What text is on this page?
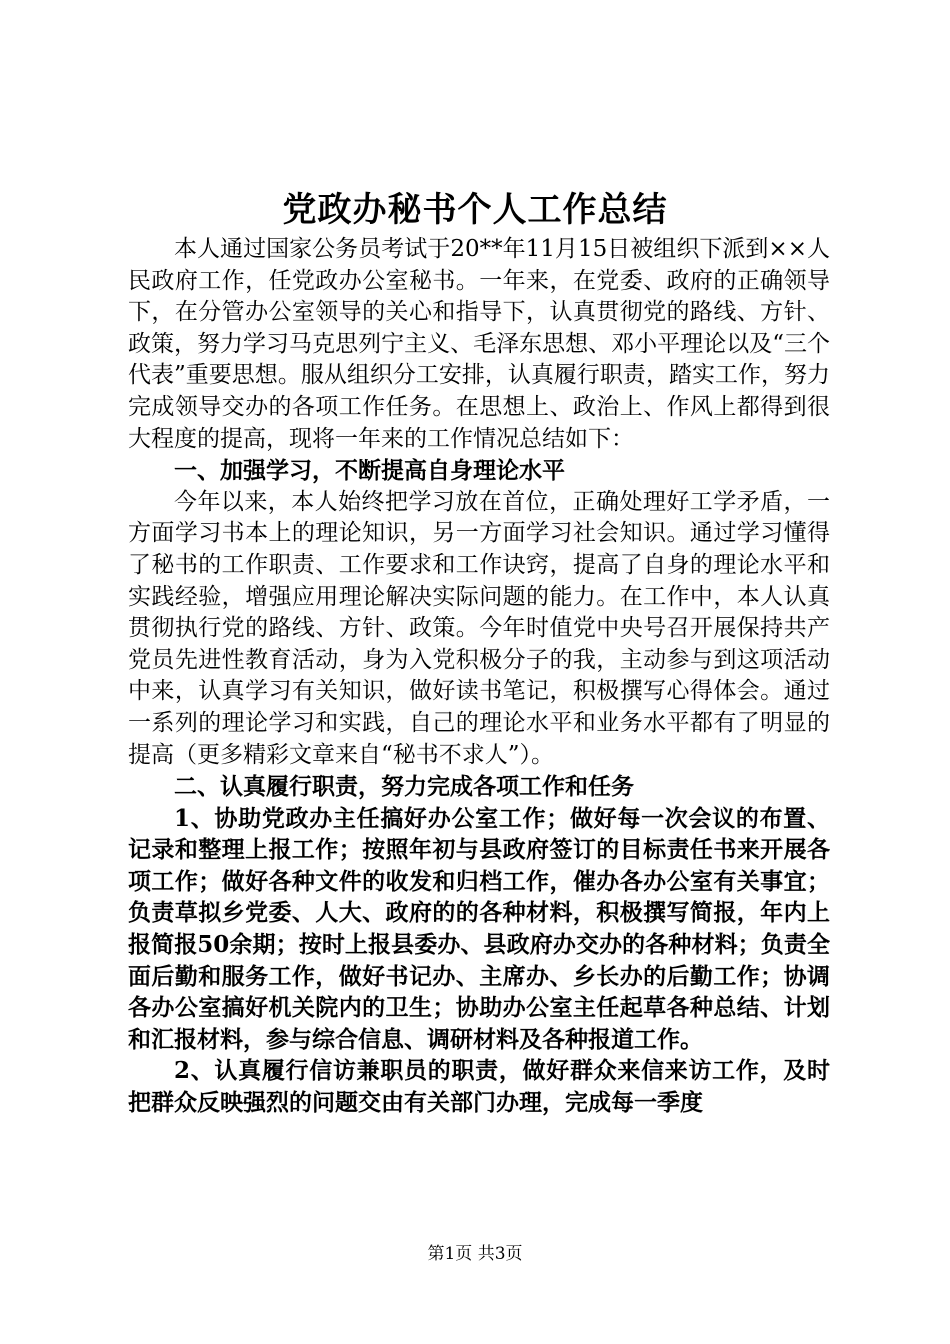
党政办秘书个人工作总结

本人通过国家公务员考试于20**年11月15日被组织下派到××人民政府工作，任党政办公室秘书。一年来，在党委、政府的正确领导下，在分管办公室领导的关心和指导下，认真贯彻党的路线、方针、政策，努力学习马克思列宁主义、毛泽东思想、邓小平理论以及“三个代表”重要思想。服从组织分工安排，认真履行职责，踏实工作，努力完成领导交办的各项工作任务。在思想上、政治上、作风上都得到很大程度的提高，现将一年来的工作情况总结如下：

一、加强学习，不断提高自身理论水平

今年以来，本人始终把学习放在首位，正确处理好工学矛盾，一方面学习书本上的理论知识，另一方面学习社会知识。通过学习懂得了秘书的工作职责、工作要求和工作诀窍，提高了自身的理论水平和实践经验，增强应用理论解决实际问题的能力。在工作中，本人认真贯彻执行党的路线、方针、政策。今年时值党中央号召开展保持共产党员先进性教育活动，身为入党积极分子的我，主动参与到这项活动中来，认真学习有关知识，做好读书笔记，积极撰写心得体会。通过一系列的理论学习和实践，自己的理论水平和业务水平都有了明显的提高（更多精彩文章来自“秘书不求人”）。

二、认真履行职责，努力完成各项工作和任务

1、协助党政办主任搞好办公室工作；做好每一次会议的布置、记录和整理上报工作；按照年初与县政府签订的目标责任书来开展各项工作；做好各种文件的收发和归档工作，催办各办公室有关事宜；负责草拟乡党委、人大、政府的的各种材料，积极撰写简报，年内上报简报50余期；按时上报县委办、县政府办交办的各种材料；负责全面后勤和服务工作，做好书记办、主席办、乡长办的后勤工作；协调各办公室搞好机关院内的卫生；协助办公室主任起草各种总结、计划和汇报材料，参与综合信息、调研材料及各种报道工作。

2、认真履行信访兼职员的职责，做好群众来信来访工作，及时把群众反映强烈的问题交由有关部门办理，完成每一季度

第1页 共3页
